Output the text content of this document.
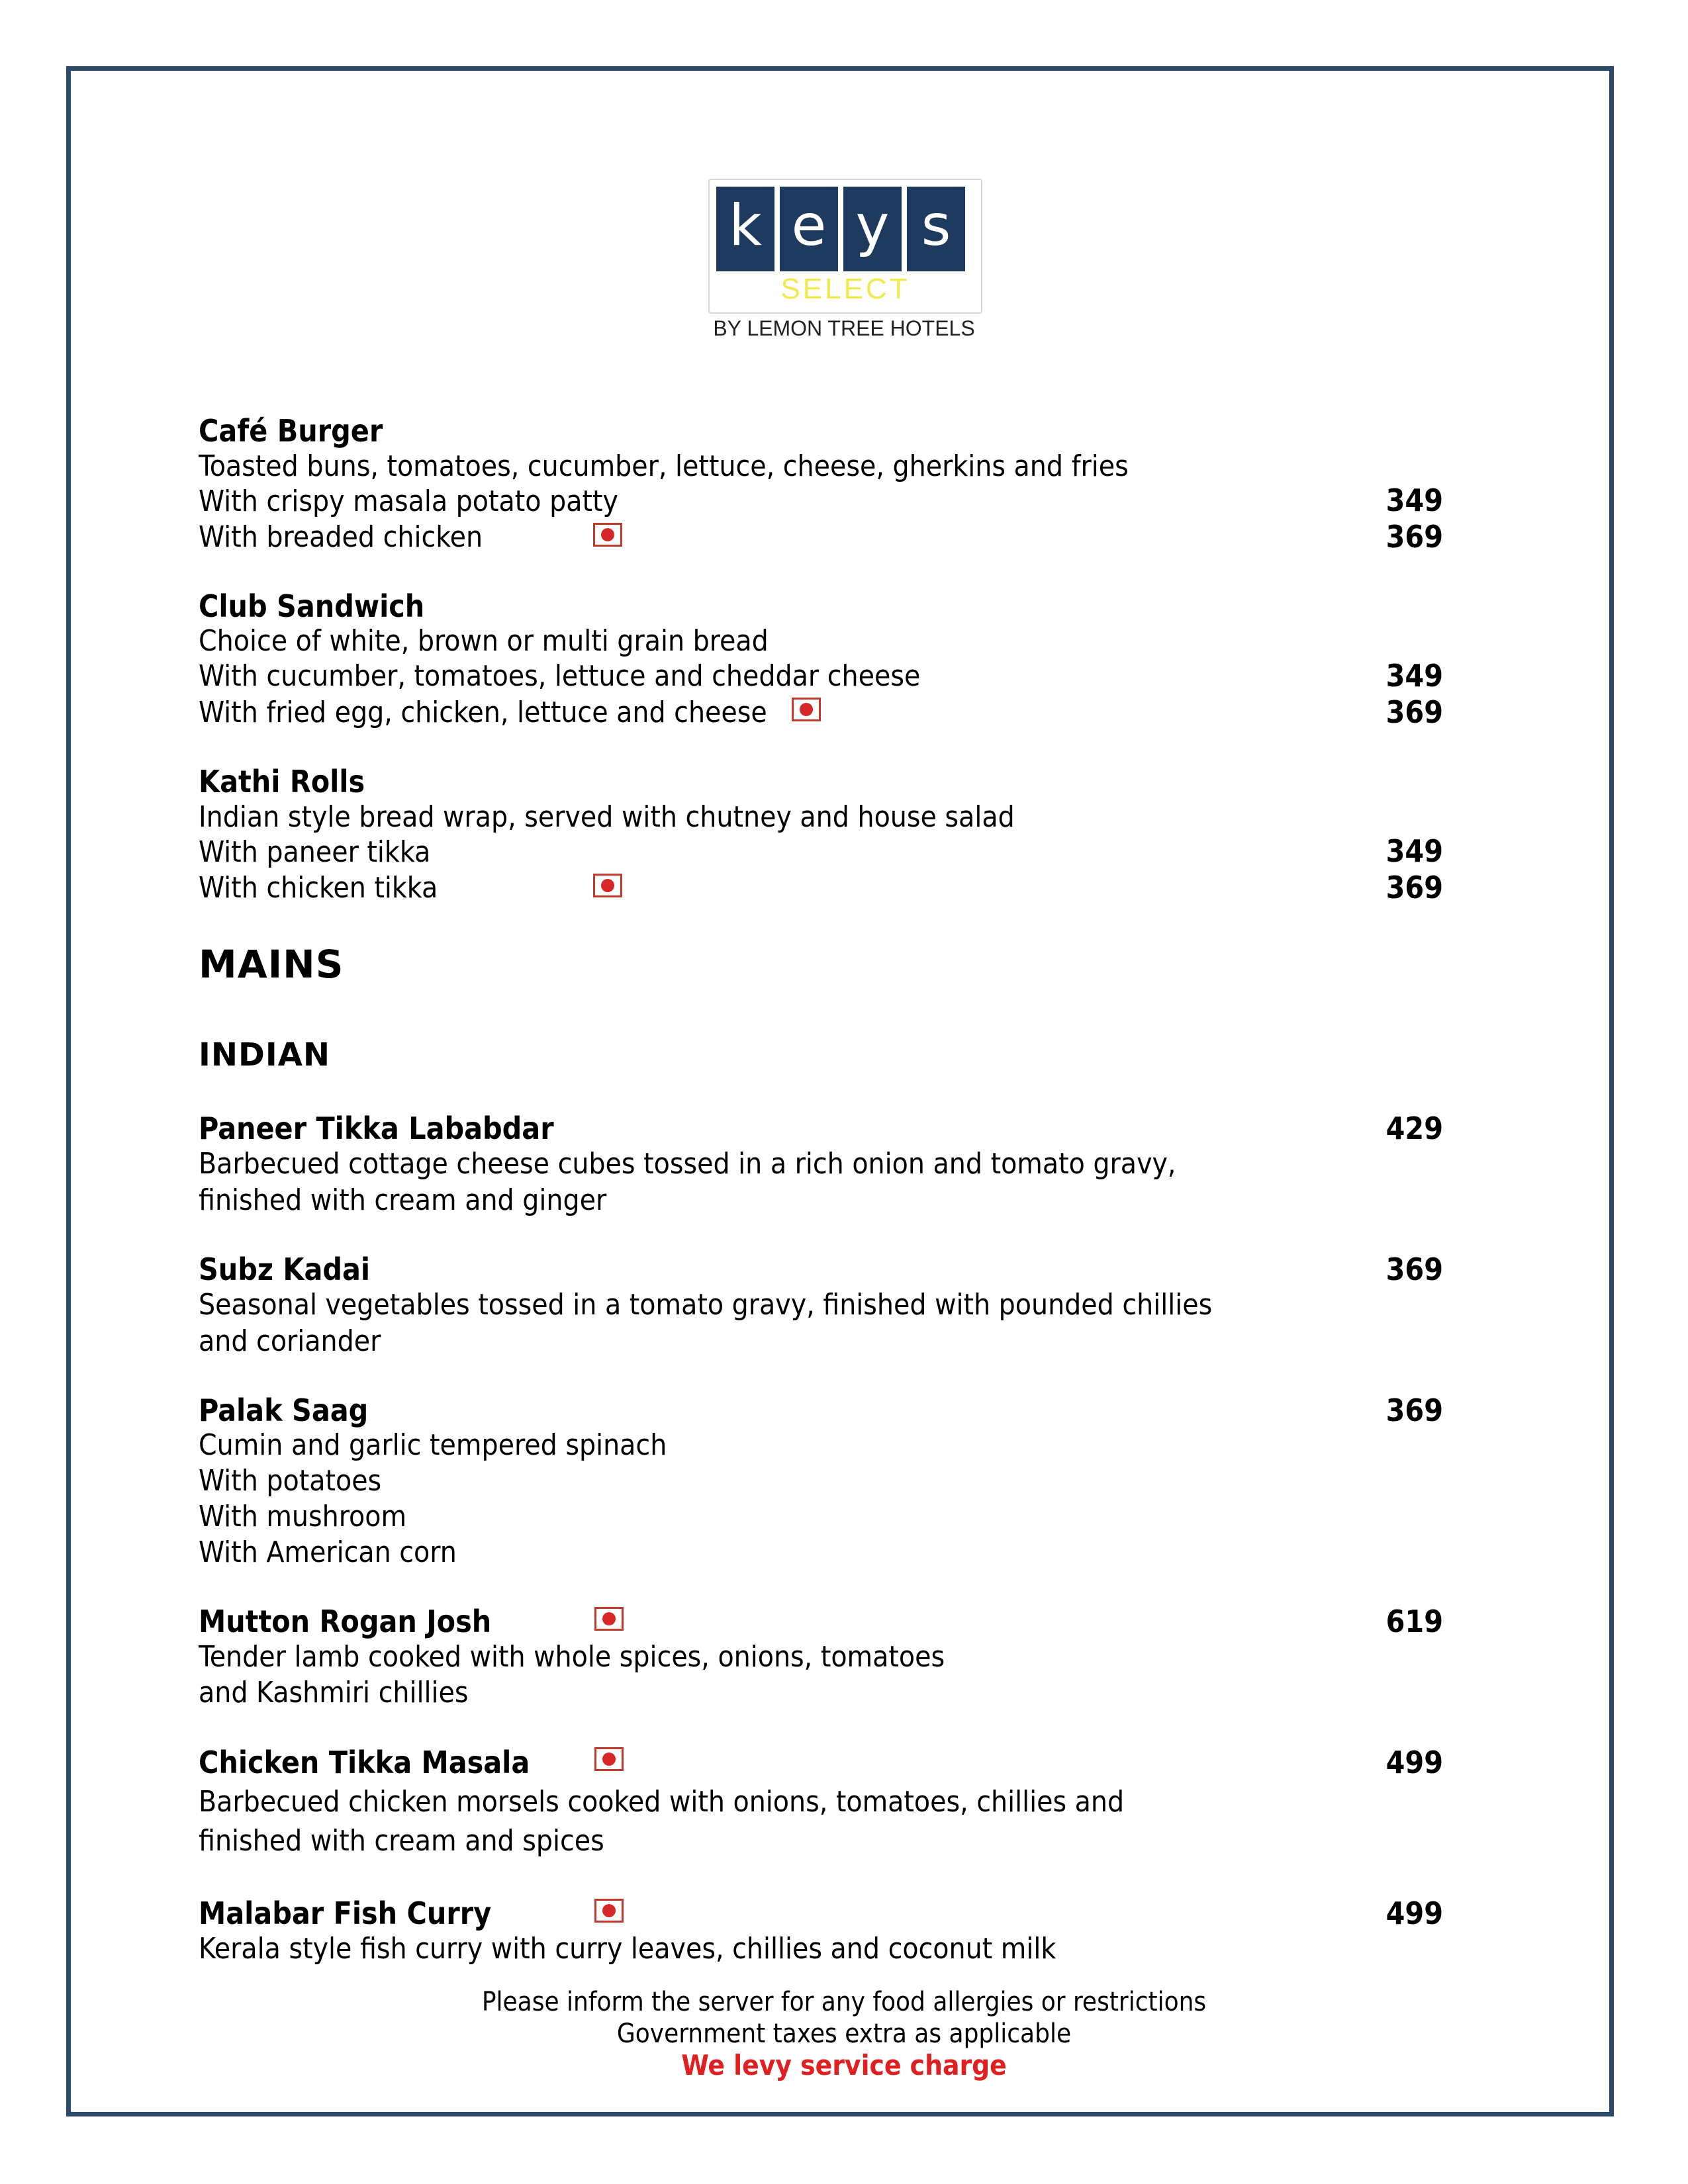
k e y s
SELECT
BY LEMON TREE HOTELS
Café Burger
Toasted buns, tomatoes, cucumber, lettuce, cheese, gherkins and fries
With crispy masala potato patty	349
With breaded chicken	369
Club Sandwich
Choice of white, brown or multi grain bread
With cucumber, tomatoes, lettuce and cheddar cheese	349
With fried egg, chicken, lettuce and cheese	369
Kathi Rolls
Indian style bread wrap, served with chutney and house salad
With paneer tikka	349
With chicken tikka	369
MAINS
INDIAN
Paneer Tikka Lababdar	429
Barbecued cottage cheese cubes tossed in a rich onion and tomato gravy,
finished with cream and ginger
Subz Kadai	369
Seasonal vegetables tossed in a tomato gravy, finished with pounded chillies
and coriander
Palak Saag	369
Cumin and garlic tempered spinach
With potatoes
With mushroom
With American corn
Mutton Rogan Josh	619
Tender lamb cooked with whole spices, onions, tomatoes
and Kashmiri chillies
Chicken Tikka Masala	499
Barbecued chicken morsels cooked with onions, tomatoes, chillies and
finished with cream and spices
Malabar Fish Curry	499
Kerala style fish curry with curry leaves, chillies and coconut milk
Please inform the server for any food allergies or restrictions
Government taxes extra as applicable
We levy service charge
